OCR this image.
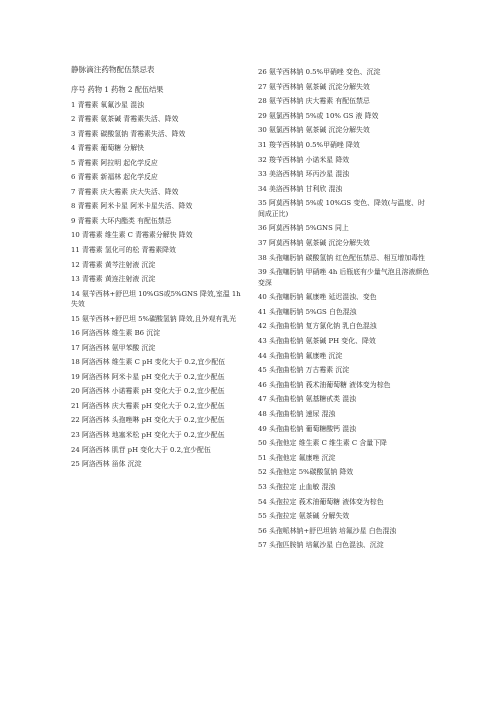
静脉滴注药物配伍禁忌表
序号 药物 1 药物 2 配伍结果
1 青霉素 氧氟沙星 混浊
2 青霉素 氨茶碱 青霉素失活、降效
3 青霉素 碳酸氢钠 青霉素失活、降效
4 青霉素 葡萄糖 分解快
5 青霉素 阿拉明 起化学反应
6 青霉素 新福林 起化学反应
7 青霉素 庆大霉素 庆大失活、降效
8 青霉素 阿米卡星 阿米卡星失活、降效
9 青霉素 大环内酯类 有配伍禁忌
10 青霉素 维生素 C 青霉素分解快 降效
11 青霉素 氢化可的松 青霉素降效
12 青霉素 黄芩注射液 沉淀
13 青霉素 黄连注射液 沉淀
14 氨苄西林+舒巴坦 10%GS或5%GNS 降效,室温 1h 失效
15 氨苄西林+舒巴坦 5%碳酸氢钠 降效,且外观有乳光
16 阿洛西林 维生素 B6 沉淀
17 阿洛西林 氨甲苯酸 沉淀
18 阿洛西林 维生素 C pH 变化大于 0.2,宜少配伍
19 阿洛西林 阿米卡星 pH 变化大于 0.2,宜少配伍
20 阿洛西林 小诺霉素 pH 变化大于 0.2,宜少配伍
21 阿洛西林 庆大霉素 pH 变化大于 0.2,宜少配伍
22 阿洛西林 头孢唑啉 pH 变化大于 0.2,宜少配伍
23 阿洛西林 地塞米松 pH 变化大于 0.2,宜少配伍
24 阿洛西林 肌苷 pH 变化大于 0.2,宜少配伍
25 阿洛西林 甾体 沉淀
26 氨苄西林钠 0.5%甲硝唑 变色、沉淀
27 氨苄西林钠 氨茶碱 沉淀分解失效
28 氨苄西林钠 庆大霉素 有配伍禁忌
29 氨氯西林钠 5%或 10% GS 液 降效
30 氨氯西林钠 氨茶碱 沉淀分解失效
31 羧苄西林钠 0.5%甲硝唑 降效
32 羧苄西林钠 小诺米星 降效
33 美洛西林钠 环丙沙星 混浊
34 美洛西林钠 甘利欣 混浊
35 阿莫西林钠 5%或 10%GS 变色、降效(与温度、时间成正比)
36 阿莫西林钠 5%GNS 同上
37 阿莫西林钠 氨茶碱 沉淀分解失效
38 头孢噻肟钠 碳酸氢钠 红色配伍禁忌、相互增加毒性
39 头孢噻肟钠 甲硝唑 4h 后瓶底有少量气泡且溶液颜色变深
40 头孢噻肟钠 氟康唑 延迟混浊、变色
41 头孢噻肟钠 5%GS 白色混浊
42 头孢曲松钠 复方氯化钠 乳白色混浊
43 头孢曲松钠 氨茶碱 PH 变化、降效
44 头孢曲松钠 氟康唑 沉淀
45 头孢曲松钠 万古霉素 沉淀
46 头孢曲松钠 莪术油葡萄糖 液体变为棕色
47 头孢曲松钠 氨基糖甙类 混浊
48 头孢曲松钠 速尿 混浊
49 头孢曲松钠 葡萄糖酸钙 混浊
50 头孢他定 维生素 C 维生素 C 含量下降
51 头孢他定 氟康唑 沉淀
52 头孢他定 5%碳酸氢钠 降效
53 头孢拉定 止血敏 混浊
54 头孢拉定 莪术油葡萄糖 液体变为棕色
55 头孢拉定 氨茶碱 分解失效
56 头孢哌林钠+舒巴坦钠 培氟沙星 白色混浊
57 头孢匹胺钠 培氟沙星 白色混浊、沉淀
